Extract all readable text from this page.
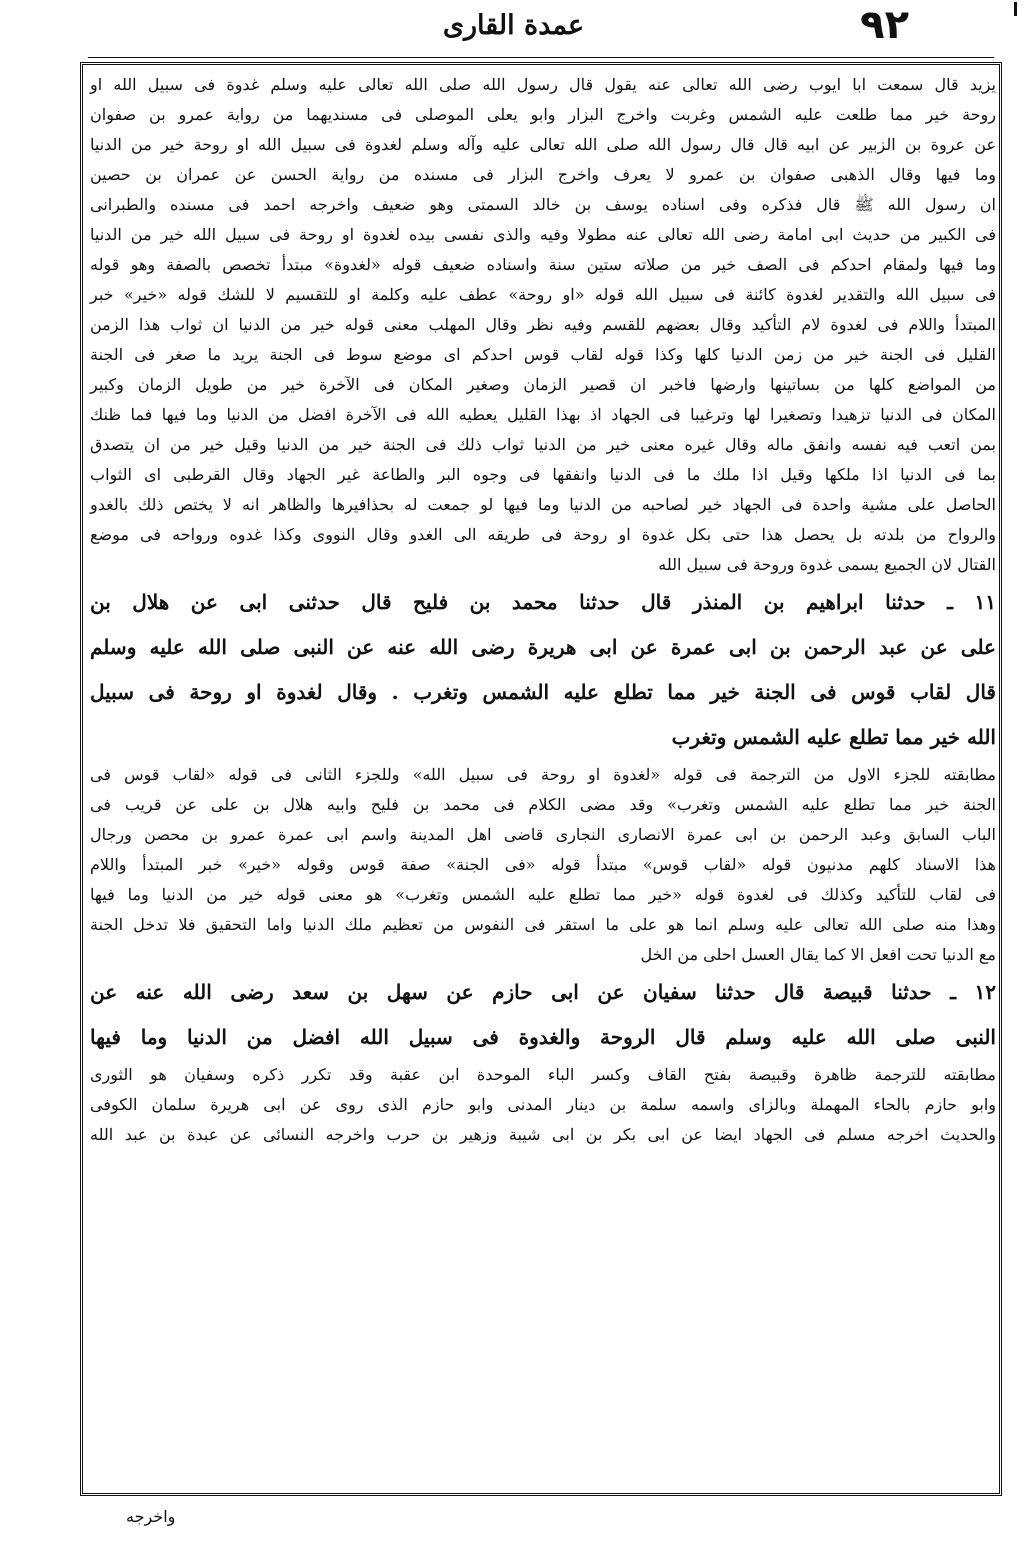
٩٢
عمدة القاری
يزيد قال سمعت ابا ايوب رضی الله تعالى عنه يقول قال رسول الله صلى الله تعالى عليه وسلم غدوة فی سبيل الله او
روحة خير مما طلعت عليه الشمس وغربت واخرج البزار وابو يعلى الموصلى فی مسنديهما من رواية عمرو بن صفوان
عن عروة بن الزبير عن ابيه قال قال رسول الله صلى الله تعالى عليه وآله وسلم لغدوة فی سبيل الله او روحة خير من الدنيا
وما فيها وقال الذهبی صفوان بن عمرو لا يعرف واخرج البزار فی مسنده من رواية الحسن عن عمران بن حصين
ان رسول الله ﷺ قال فذكره وفی اسناده يوسف بن خالد السمتی وهو ضعيف واخرجه احمد فی مسنده والطبرانی
فی الكبير من حديث ابی امامة رضی الله تعالى عنه مطولا وفيه والذی نفسی بيده لغدوة او روحة فی سبيل الله خير من الدنيا
وما فيها ولمقام احدكم فی الصف خير من صلاته ستين سنة واسناده ضعيف قوله «لغدوة» مبتدأ تخصص بالصفة وهو قوله
فی سبيل الله والتقدير لغدوة كائنة فی سبيل الله قوله «او روحة» عطف عليه وكلمة او للتقسيم لا للشك قوله «خير» خبر
المبتدأ واللام فی لغدوة لام التأكيد وقال بعضهم للقسم وفيه نظر وقال المهلب معنى قوله خير من الدنيا ان ثواب هذا الزمن
القليل فی الجنة خير من زمن الدنيا كلها وكذا قوله لقاب قوس احدكم ای موضع سوط فی الجنة يريد ما صغر فی الجنة
من المواضع كلها من بساتينها وارضها فاخبر ان قصير الزمان وصغير المكان فی الآخرة خير من طويل الزمان وكبير
المكان فی الدنيا تزهيدا وتصغيرا لها وترغيبا فی الجهاد اذ بهذا القليل يعطيه الله فی الآخرة افضل من الدنيا وما فيها فما ظنك
بمن اتعب فيه نفسه وانفق ماله وقال غيره معنى خير من الدنيا ثواب ذلك فی الجنة خير من الدنيا وقيل خير من ان يتصدق
بما فی الدنيا اذا ملكها وقيل اذا ملك ما فی الدنيا وانفقها فی وجوه البر والطاعة غير الجهاد وقال القرطبی ای الثواب
الحاصل على مشية واحدة فی الجهاد خير لصاحبه من الدنيا وما فيها لو جمعت له بحذافيرها والظاهر انه لا يختص ذلك بالغدو
والرواح من بلدته بل يحصل هذا حتى بكل غدوة او روحة فی طريقه الى الغدو وقال النووی وكذا غدوه ورواحه فی موضع
القتال لان الجميع يسمى غدوة وروحة فی سبيل الله
١١ ـ حدثنا ابراهيم بن المنذر قال حدثنا محمد بن فليح قال حدثنی ابی عن هلال بن
علی عن عبد الرحمن بن ابی عمرة عن ابی هريرة رضی الله عنه عن النبی صلى الله عليه وسلم
قال لقاب قوس فی الجنة خير مما تطلع عليه الشمس وتغرب . وقال لغدوة او روحة فی سبيل
الله خير مما تطلع عليه الشمس وتغرب
مطابقته للجزء الاول من الترجمة فی قوله «لغدوة او روحة فی سبيل الله» وللجزء الثانی فی قوله «لقاب قوس فی
الجنة خير مما تطلع عليه الشمس وتغرب» وقد مضى الكلام فی محمد بن فليح وابيه هلال بن علی عن قريب فی
الباب السابق وعبد الرحمن بن ابی عمرة الانصاری النجاری قاضی اهل المدينة واسم ابی عمرة عمرو بن محصن ورجال
هذا الاسناد كلهم مدنيون قوله «لقاب قوس» مبتدأ قوله «فی الجنة» صفة قوس وقوله «خير» خبر المبتدأ واللام
فی لقاب للتأكيد وكذلك فی لغدوة قوله «خير مما تطلع عليه الشمس وتغرب» هو معنى قوله خير من الدنيا وما فيها
وهذا منه صلى الله تعالى عليه وسلم انما هو على ما استقر فی النفوس من تعظيم ملك الدنيا واما التحقيق فلا تدخل الجنة
مع الدنيا تحت افعل الا كما يقال العسل احلى من الخل
١٢ ـ حدثنا قبيصة قال حدثنا سفيان عن ابی حازم عن سهل بن سعد رضی الله عنه عن
النبی صلى الله عليه وسلم قال الروحة والغدوة فی سبيل الله افضل من الدنيا وما فيها
مطابقته للترجمة ظاهرة وقبيصة بفتح القاف وكسر الباء الموحدة ابن عقبة وقد تكرر ذكره وسفيان هو الثوری
وابو حازم بالحاء المهملة وبالزای واسمه سلمة بن دينار المدنی وابو حازم الذی روى عن ابی هريرة سلمان الكوفی
والحديث اخرجه مسلم فی الجهاد ايضا عن ابی بكر بن ابی شيبة وزهير بن حرب واخرجه النسائی عن عبدة بن عبد الله
واخرجه
